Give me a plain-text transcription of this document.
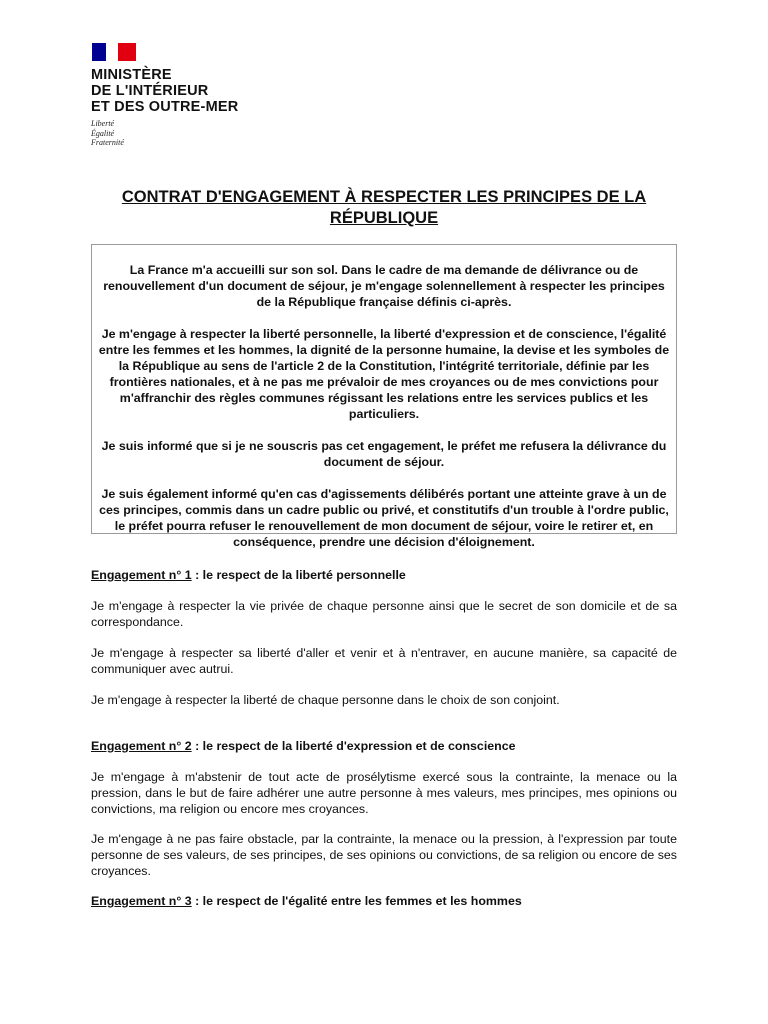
MINISTÈRE
DE L'INTÉRIEUR
ET DES OUTRE-MER
Liberté
Égalité
Fraternité
CONTRAT D'ENGAGEMENT À RESPECTER LES PRINCIPES DE LA
RÉPUBLIQUE

La France m'a accueilli sur son sol. Dans le cadre de ma demande de délivrance ou de renouvellement d'un document de séjour, je m'engage solennellement à respecter les principes de la République française définis ci-après.

Je m'engage à respecter la liberté personnelle, la liberté d'expression et de conscience, l'égalité entre les femmes et les hommes, la dignité de la personne humaine, la devise et les symboles de la République au sens de l'article 2 de la Constitution, l'intégrité territoriale, définie par les frontières nationales, et à ne pas me prévaloir de mes croyances ou de mes convictions pour m'affranchir des règles communes régissant les relations entre les services publics et les particuliers.

Je suis informé que si je ne souscris pas cet engagement, le préfet me refusera la délivrance du document de séjour.

Je suis également informé qu'en cas d'agissements délibérés portant une atteinte grave à un de ces principes, commis dans un cadre public ou privé, et constitutifs d'un trouble à l'ordre public, le préfet pourra refuser le renouvellement de mon document de séjour, voire le retirer et, en conséquence, prendre une décision d'éloignement.

Engagement n° 1 : le respect de la liberté personnelle

Je m'engage à respecter la vie privée de chaque personne ainsi que le secret de son domicile et de sa correspondance.

Je m'engage à respecter sa liberté d'aller et venir et à n'entraver, en aucune manière, sa capacité de communiquer avec autrui.

Je m'engage à respecter la liberté de chaque personne dans le choix de son conjoint.

Engagement n° 2 : le respect de la liberté d'expression et de conscience

Je m'engage à m'abstenir de tout acte de prosélytisme exercé sous la contrainte, la menace ou la pression, dans le but de faire adhérer une autre personne à mes valeurs, mes principes, mes opinions ou convictions, ma religion ou encore mes croyances.

Je m'engage à ne pas faire obstacle, par la contrainte, la menace ou la pression, à l'expression par toute personne de ses valeurs, de ses principes, de ses opinions ou convictions, de sa religion ou encore de ses croyances.

Engagement n° 3 : le respect de l'égalité entre les femmes et les hommes
